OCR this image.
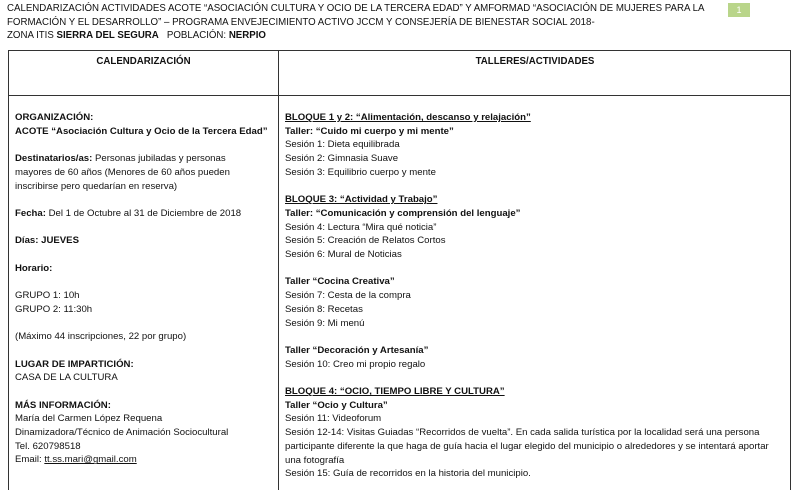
CALENDARIZACIÓN ACTIVIDADES ACOTE “ASOCIACIÓN CULTURA Y OCIO DE LA TERCERA EDAD” Y AMFORMAD “ASOCIACIÓN DE MUJERES PARA LA
FORMACIÓN Y EL DESARROLLO” – PROGRAMA ENVEJECIMIENTO ACTIVO JCCM Y CONSEJERÍA DE BIENESTAR SOCIAL 2018-
ZONA ITIS SIERRA DEL SEGURA POBLACIÓN: NERPIO
1
CALENDARIZACIÓN	TALLERES/ACTIVIDADES
ORGANIZACIÓN:
ACOTE “Asociación Cultura y Ocio de la Tercera Edad”
Destinatarios/as: Personas jubiladas y personas
mayores de 60 años (Menores de 60 años pueden
inscribirse pero quedarían en reserva)
Fecha: Del 1 de Octubre al 31 de Diciembre de 2018
Días: JUEVES
Horario:
GRUPO 1: 10h
GRUPO 2: 11:30h
(Máximo 44 inscripciones, 22 por grupo)
LUGAR DE IMPARTICIÓN:
CASA DE LA CULTURA
MÁS INFORMACIÓN:
María del Carmen López Requena
Dinamizadora/Técnico de Animación Sociocultural
Tel. 620798518
Email: tt.ss.mari@gmail.com
BLOQUE 1 y 2: “Alimentación, descanso y relajación”
Taller: “Cuido mi cuerpo y mi mente”
Sesión 1: Dieta equilibrada
Sesión 2: Gimnasia Suave
Sesión 3: Equilibrio cuerpo y mente
BLOQUE 3: “Actividad y Trabajo”
Taller: “Comunicación y comprensión del lenguaje”
Sesión 4: Lectura “Mira qué noticia”
Sesión 5: Creación de Relatos Cortos
Sesión 6: Mural de Noticias
Taller “Cocina Creativa”
Sesión 7: Cesta de la compra
Sesión 8: Recetas
Sesión 9: Mi menú
Taller “Decoración y Artesanía”
Sesión 10: Creo mi propio regalo
BLOQUE 4: “OCIO, TIEMPO LIBRE Y CULTURA”
Taller “Ocio y Cultura”
Sesión 11: Videoforum
Sesión 12-14: Visitas Guiadas “Recorridos de vuelta”. En cada salida turística por la localidad será una persona participante diferente la que haga de guía hacia el lugar elegido del municipio o alrededores y se intentará aportar una fotografía
Sesión 15: Guía de recorridos en la historia del municipio.
